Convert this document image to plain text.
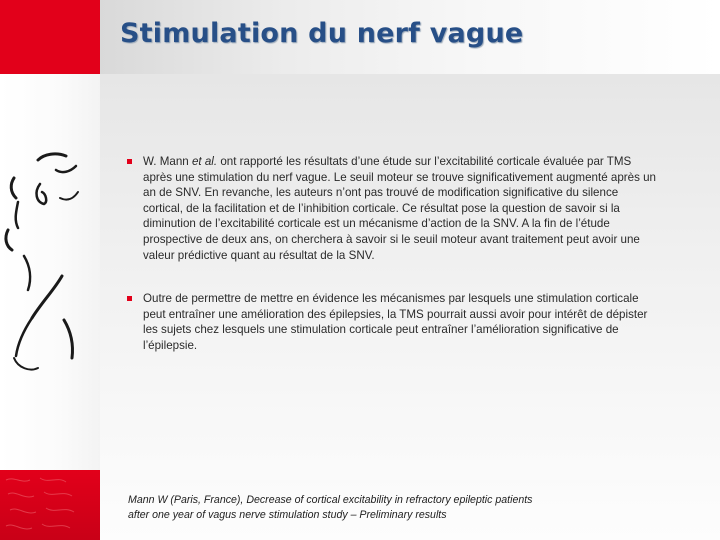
Stimulation du nerf vague
W. Mann et al. ont rapporté les résultats d’une étude sur l’excitabilité corticale évaluée par TMS après une stimulation du nerf vague. Le seuil moteur se trouve significativement augmenté après un an de SNV. En revanche, les auteurs n’ont pas trouvé de modification significative du silence cortical, de la facilitation et de l’inhibition corticale. Ce résultat pose la question de savoir si la diminution de l’excitabilité corticale est un mécanisme d’action de la SNV. A la fin de l’étude prospective de deux ans, on cherchera à savoir si le seuil moteur avant traitement peut avoir une valeur prédictive quant au résultat de la SNV.
Outre de permettre de mettre en évidence les mécanismes par lesquels une stimulation corticale peut entraîner une amélioration des épilepsies, la TMS pourrait aussi avoir pour intérêt de dépister les sujets chez lesquels une stimulation corticale peut entraîner l’amélioration significative de l’épilepsie.

Mann W (Paris, France), Decrease of cortical excitability in refractory epileptic patients
after one year of vagus nerve stimulation study – Preliminary results
